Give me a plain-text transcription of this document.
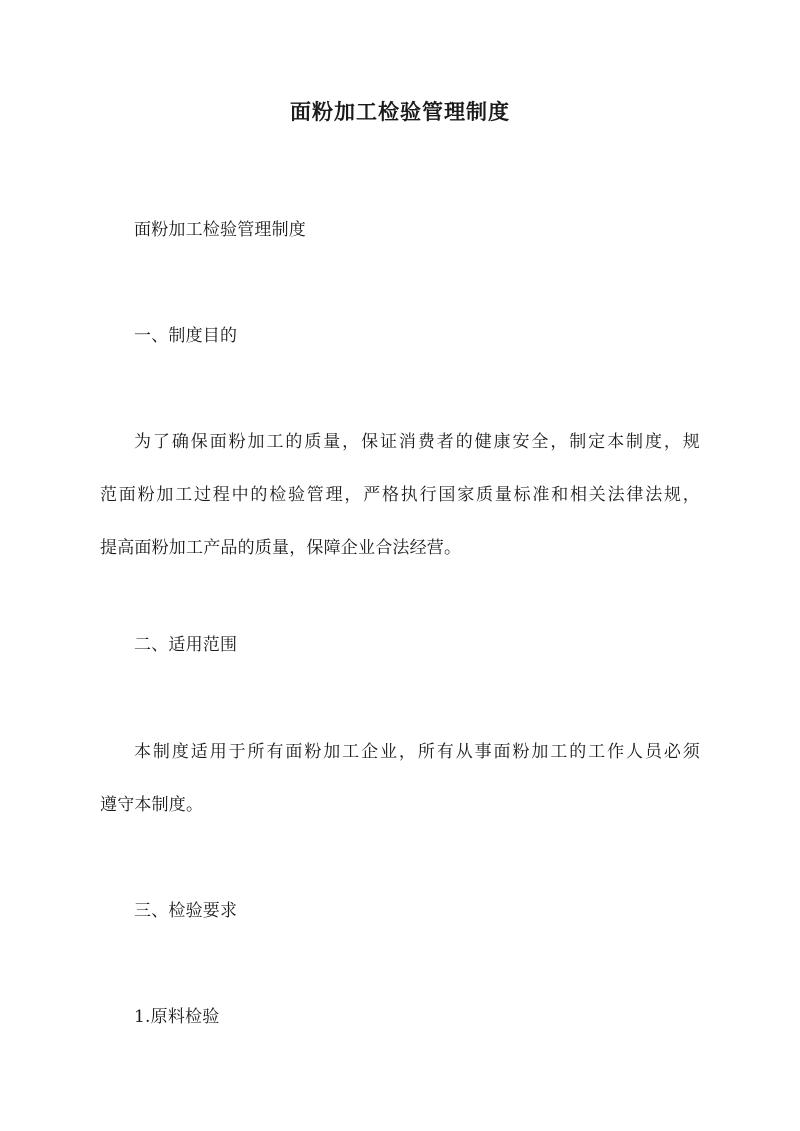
面粉加工检验管理制度
面粉加工检验管理制度
一、制度目的
为了确保面粉加工的质量，保证消费者的健康安全，制定本制度，规
范面粉加工过程中的检验管理，严格执行国家质量标准和相关法律法规，
提高面粉加工产品的质量，保障企业合法经营。
二、适用范围
本制度适用于所有面粉加工企业，所有从事面粉加工的工作人员必须
遵守本制度。
三、检验要求
1.原料检验
